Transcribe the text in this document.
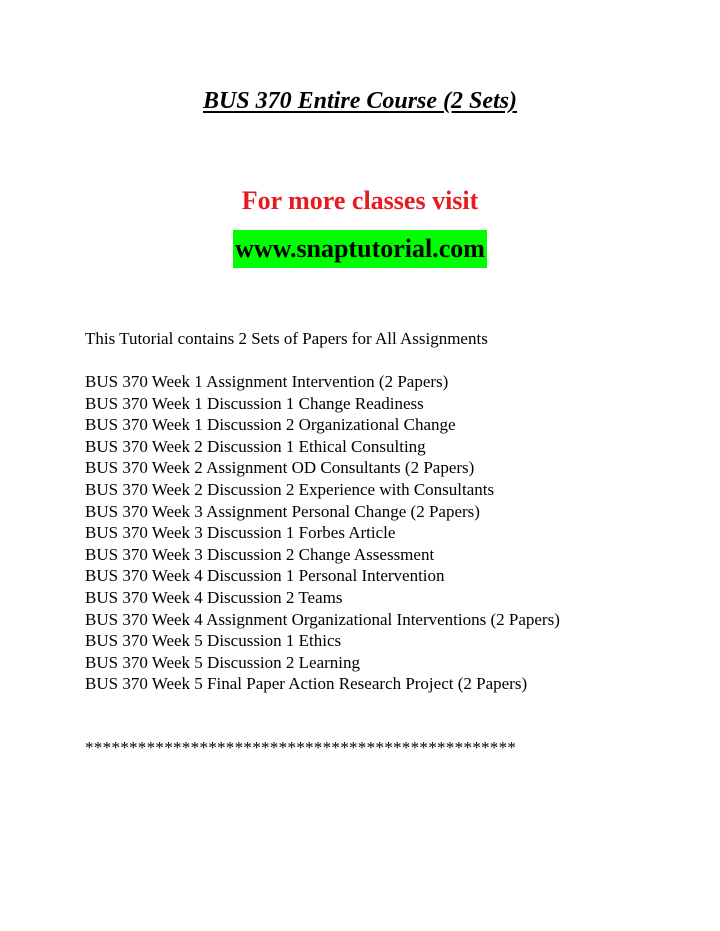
BUS 370 Entire Course (2 Sets)
For more classes visit
www.snaptutorial.com
This Tutorial contains 2 Sets of Papers for All Assignments
BUS 370 Week 1 Assignment Intervention (2 Papers)
BUS 370 Week 1 Discussion 1 Change Readiness
BUS 370 Week 1 Discussion 2 Organizational Change
BUS 370 Week 2 Discussion 1 Ethical Consulting
BUS 370 Week 2 Assignment OD Consultants (2 Papers)
BUS 370 Week 2 Discussion 2 Experience with Consultants
BUS 370 Week 3 Assignment Personal Change (2 Papers)
BUS 370 Week 3 Discussion 1 Forbes Article
BUS 370 Week 3 Discussion 2 Change Assessment
BUS 370 Week 4 Discussion 1 Personal Intervention
BUS 370 Week 4 Discussion 2 Teams
BUS 370 Week 4 Assignment Organizational Interventions (2 Papers)
BUS 370 Week 5 Discussion 1 Ethics
BUS 370 Week 5 Discussion 2 Learning
BUS 370 Week 5 Final Paper Action Research Project (2 Papers)
*************************************************
